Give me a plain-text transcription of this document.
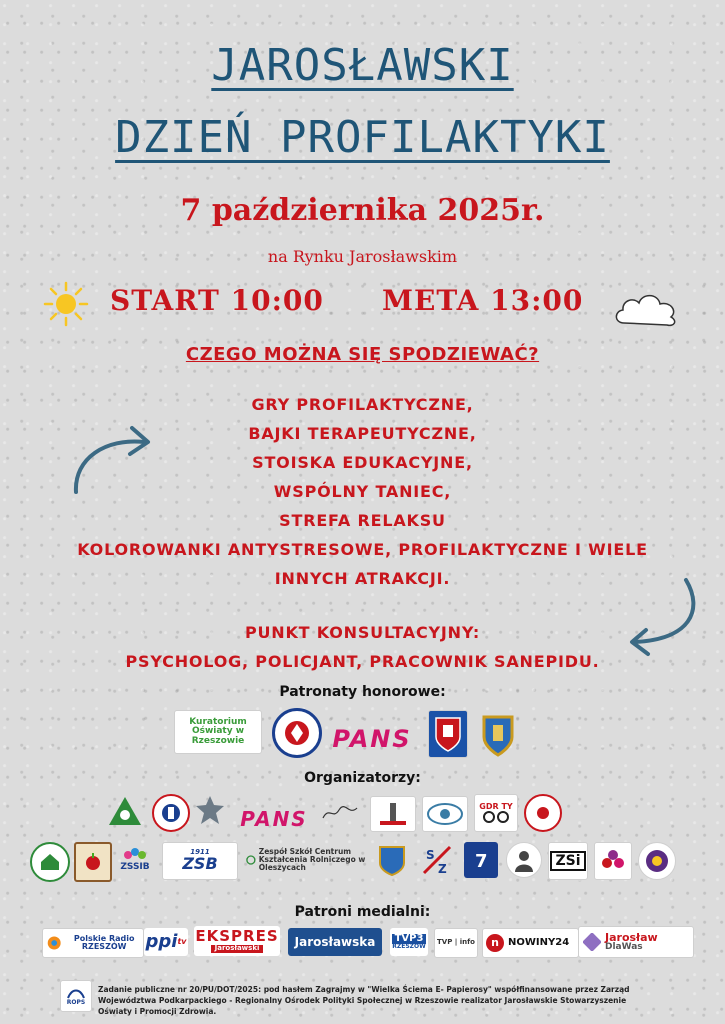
JAROSŁAWSKI
DZIEŃ PROFILAKTYKI
7 października 2025r.
na Rynku Jarosławskim
START 10:00 META 13:00
CZEGO MOŻNA SIĘ SPODZIEWAĆ?
GRY PROFILAKTYCZNE,
BAJKI TERAPEUTYCZNE,
STOISKA EDUKACYJNE,
WSPÓLNY TANIEC,
STREFA RELAKSU
KOLOROWANKI ANTYSTRESOWE, PROFILAKTYCZNE I WIELE
INNYCH ATRAKCJI.
PUNKT KONSULTACYJNY:
PSYCHOLOG, POLICJANT, PRACOWNIK SANEPIDU.
Patronaty honorowe:
Kuratorium Oświaty w Rzeszowie	PANS
Organizatorzy:
PANS
GDR TY
ZSSIB
1911
ZSB
Zespół Szkół Centrum Kształcenia Rolniczego w Oleszycach
S
Z 7	ZSi
Patroni medialni:
Polskie Radio RZESZÓW	ppi tv EKSPRES
Jarosławski	Jarosławska	TVP3
RZESZÓW
TVP | info	n NOWINY24	Jarosław
DlaWas
ROPS
Zadanie publiczne nr 20/PU/DOT/2025: pod hasłem Zagrajmy w "Wielka Ściema E- Papierosy" współfinansowane przez Zarząd Województwa Podkarpackiego - Regionalny Ośrodek Polityki Społecznej w Rzeszowie realizator Jarosławskie Stowarzyszenie Oświaty i Promocji Zdrowia.
